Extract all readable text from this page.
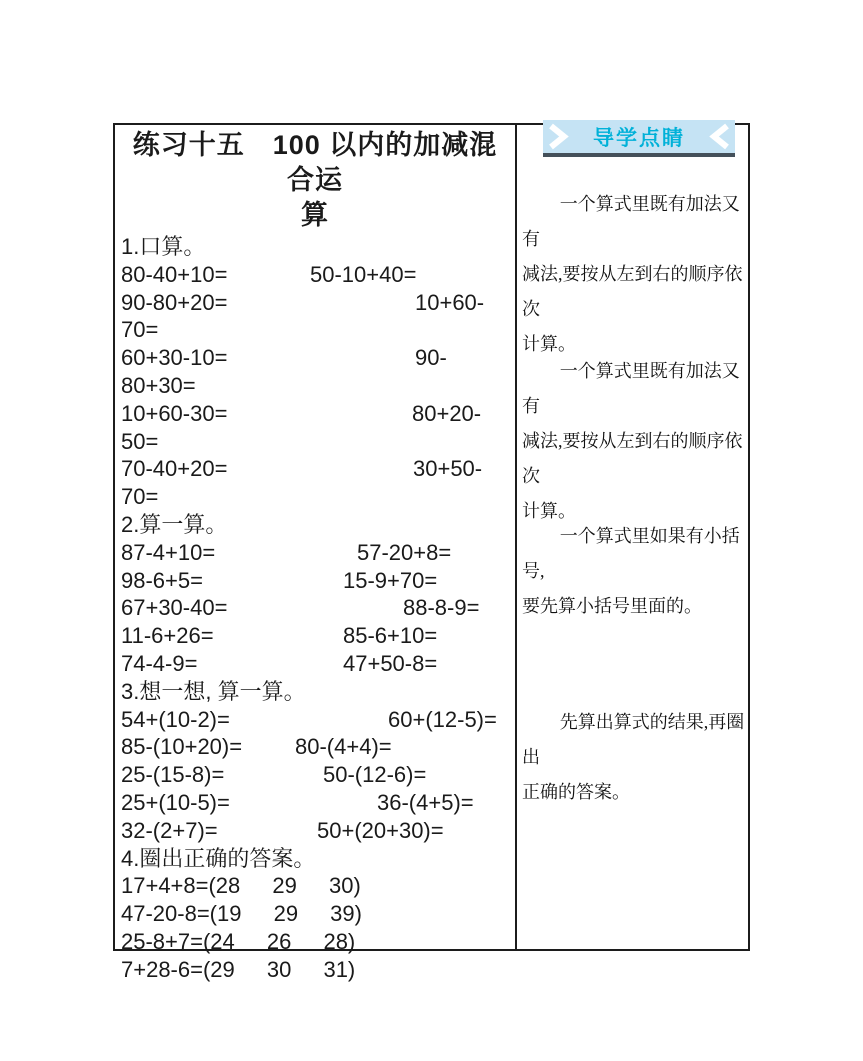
练习十五　100 以内的加减混合运
算
1.口算。
80-40+10=	50-10+40=
90-80+20=	10+60-
70=
60+30-10=	90-
80+30=
10+60-30=	80+20-
50=
70-40+20=	30+50-
70=
2.算一算。
87-4+10=	57-20+8=
98-6+5=	15-9+70=
67+30-40=	88-8-9=
11-6+26=	85-6+10=
74-4-9=	47+50-8=
3.想一想, 算一算。
54+(10-2)=	60+(12-5)=
85-(10+20)= 80-(4+4)=
25-(15-8)=	50-(12-6)=
25+(10-5)=	36-(4+5)=
32-(2+7)=	50+(20+30)=
4.圈出正确的答案。
17+4+8=(28 29 30)
47-20-8=(19 29 39)
25-8+7=(24 26 28)
7+28-6=(29 30 31)
导学点睛

一个算式里既有加法又有

减法,要按从左到右的顺序依次

计算。

一个算式里既有加法又有

减法,要按从左到右的顺序依次

计算。

一个算式里如果有小括号,

要先算小括号里面的。

先算出算式的结果,再圈出

正确的答案。
